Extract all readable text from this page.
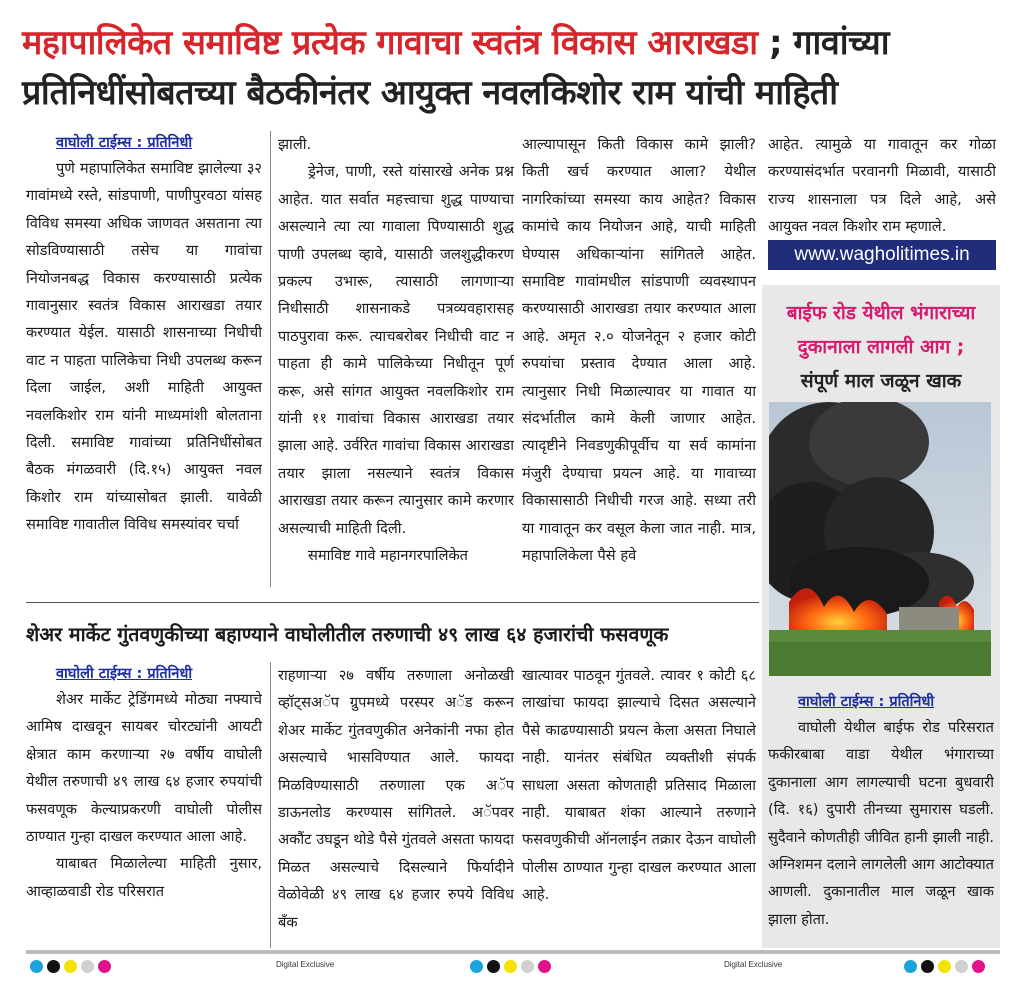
महापालिकेत समाविष्ट प्रत्येक गावाचा स्वतंत्र विकास आराखडा ; गावांच्या प्रतिनिधींसोबतच्या बैठकीनंतर आयुक्त नवलकिशोर राम यांची माहिती
वाघोली टाईम्स : प्रतिनिधी

पुणे महापालिकेत समाविष्ट झालेल्या ३२ गावांमध्ये रस्ते, सांडपाणी, पाणीपुरवठा यांसह विविध समस्या अधिक जाणवत असताना त्या सोडविण्यासाठी तसेच या गावांचा नियोजनबद्ध विकास करण्यासाठी प्रत्येक गावानुसार स्वतंत्र विकास आराखडा तयार करण्यात येईल. यासाठी शासनाच्या निधीची वाट न पाहता पालिकेचा निधी उपलब्ध करून दिला जाईल, अशी माहिती आयुक्त नवलकिशोर राम यांनी माध्यमांशी बोलताना दिली. समाविष्ट गावांच्या प्रतिनिधींसोबत बैठक मंगळवारी (दि.१५) आयुक्त नवल किशोर राम यांच्यासोबत झाली. यावेळी समाविष्ट गावातील विविध समस्यांवर चर्चा

झाली.

ड्रेनेज, पाणी, रस्ते यांसारखे अनेक प्रश्न आहेत. यात सर्वात महत्त्वाचा शुद्ध पाण्याचा असल्याने त्या त्या गावाला पिण्यासाठी शुद्ध पाणी उपलब्ध व्हावे, यासाठी जलशुद्धीकरण प्रकल्प उभारू, त्यासाठी लागणाऱ्या निधीसाठी शासनाकडे पत्रव्यवहारासह पाठपुरावा करू. त्याचबरोबर निधीची वाट न पाहता ही कामे पालिकेच्या निधीतून पूर्ण करू, असे सांगत आयुक्त नवलकिशोर राम यांनी ११ गावांचा विकास आराखडा तयार झाला आहे. उर्वरित गावांचा विकास आराखडा तयार झाला नसल्याने स्वतंत्र विकास आराखडा तयार करून त्यानुसार कामे करणार असल्याची माहिती दिली.

समाविष्ट गावे महानगरपालिकेत

आल्यापासून किती विकास कामे झाली? किती खर्च करण्यात आला? येथील नागरिकांच्या समस्या काय आहेत? विकास कामांचे काय नियोजन आहे, याची माहिती घेण्यास अधिकाऱ्यांना सांगितले आहेत. समाविष्ट गावांमधील सांडपाणी व्यवस्थापन करण्यासाठी आराखडा तयार करण्यात आला आहे. अमृत २.० योजनेतून २ हजार कोटी रुपयांचा प्रस्ताव देण्यात आला आहे. त्यानुसार निधी मिळाल्यावर या गावात या संदर्भातील कामे केली जाणार आहेत. त्यादृष्टीने निवडणुकीपूर्वीच या सर्व कामांना मंजुरी देण्याचा प्रयत्न आहे. या गावाच्या विकासासाठी निधीची गरज आहे. सध्या तरी या गावातून कर वसूल केला जात नाही. मात्र, महापालिकेला पैसे हवे

आहेत. त्यामुळे या गावातून कर गोळा करण्यासंदर्भात परवानगी मिळावी, यासाठी राज्य शासनाला पत्र दिले आहे, असे आयुक्त नवल किशोर राम म्हणाले.

www.wagholitimes.in
बाईफ रोड येथील भंगाराच्या दुकानाला लागली आग ;
संपूर्ण माल जळून खाक
वाघोली टाईम्स : प्रतिनिधी

वाघोली येथील बाईफ रोड परिसरात फकीरबाबा वाडा येथील भंगाराच्या दुकानाला आग लागल्याची घटना बुधवारी (दि. १६) दुपारी तीनच्या सुमारास घडली. सुदैवाने कोणतीही जीवित हानी झाली नाही. अग्निशमन दलाने लागलेली आग आटोक्यात आणली. दुकानातील माल जळून खाक झाला होता.

शेअर मार्केट गुंतवणुकीच्या बहाण्याने वाघोलीतील तरुणाची ४९ लाख ६४ हजारांची फसवणूक
वाघोली टाईम्स : प्रतिनिधी

शेअर मार्केट ट्रेडिंगमध्ये मोठ्या नफ्याचे आमिष दाखवून सायबर चोरट्यांनी आयटी क्षेत्रात काम करणाऱ्या २७ वर्षीय वाघोली येथील तरुणाची ४९ लाख ६४ हजार रुपयांची फसवणूक केल्याप्रकरणी वाघोली पोलीस ठाण्यात गुन्हा दाखल करण्यात आला आहे.

याबाबत मिळालेल्या माहिती नुसार, आव्हाळवाडी रोड परिसरात

राहणाऱ्या २७ वर्षीय तरुणाला अनोळखी व्हॉट्सअॅप ग्रुपमध्ये परस्पर अॅड करून शेअर मार्केट गुंतवणुकीत अनेकांनी नफा होत असल्याचे भासविण्यात आले. फायदा मिळविण्यासाठी तरुणाला एक अॅप डाऊनलोड करण्यास सांगितले. अॅपवर अकौंट उघडून थोडे पैसे गुंतवले असता फायदा मिळत असल्याचे दिसल्याने फिर्यादीने वेळोवेळी ४९ लाख ६४ हजार रुपये विविध बँक

खात्यावर पाठवून गुंतवले. त्यावर १ कोटी ६८ लाखांचा फायदा झाल्याचे दिसत असल्याने पैसे काढण्यासाठी प्रयत्न केला असता निघाले नाही. यानंतर संबंधित व्यक्तीशी संपर्क साधला असता कोणताही प्रतिसाद मिळाला नाही. याबाबत शंका आल्याने तरुणाने फसवणुकीची ऑनलाईन तक्रार देऊन वाघोली पोलीस ठाण्यात गुन्हा दाखल करण्यात आला आहे.

Digital Exclusive	Digital Exclusive
